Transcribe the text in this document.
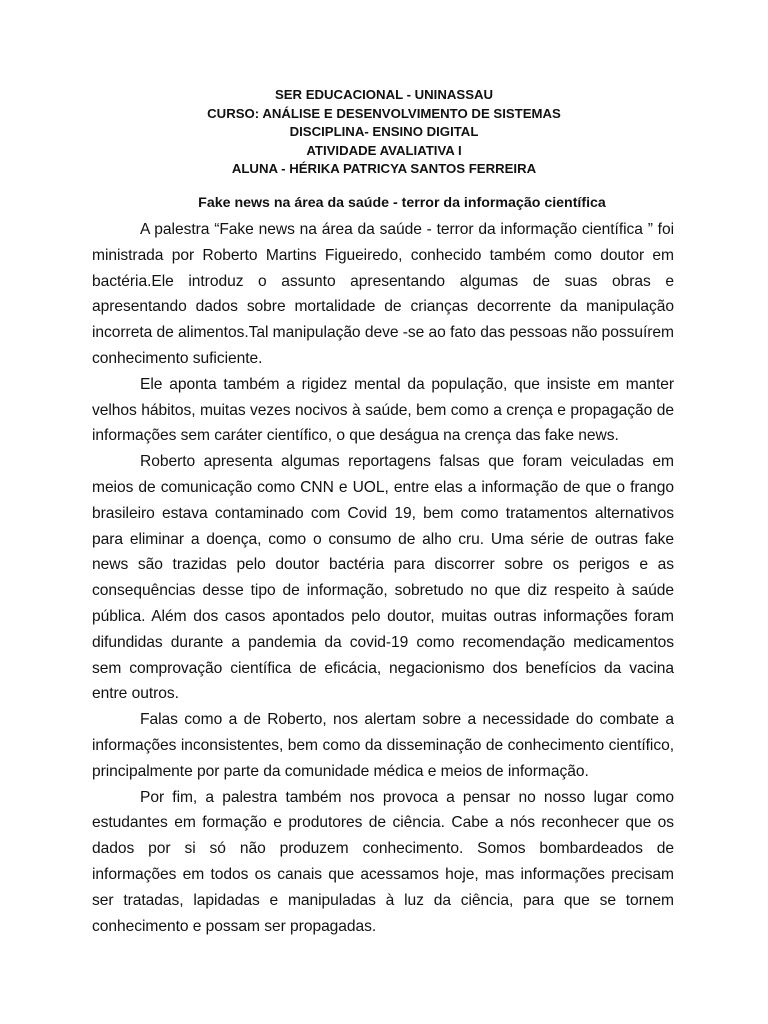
SER EDUCACIONAL - UNINASSAU
CURSO: ANÁLISE E DESENVOLVIMENTO DE SISTEMAS
DISCIPLINA- ENSINO DIGITAL
ATIVIDADE AVALIATIVA I
ALUNA - HÉRIKA PATRICYA SANTOS FERREIRA
Fake news na área da saúde - terror da informação científica

A palestra “Fake news na área da saúde - terror da informação científica ” foi ministrada por Roberto Martins Figueiredo, conhecido também como doutor em bactéria.Ele introduz o assunto apresentando algumas de suas obras e apresentando dados sobre mortalidade de crianças decorrente da manipulação incorreta de alimentos.Tal manipulação deve -se ao fato das pessoas não possuírem conhecimento suficiente.

Ele aponta também a rigidez mental da população, que insiste em manter velhos hábitos, muitas vezes nocivos à saúde, bem como a crença e propagação de informações sem caráter científico, o que deságua na crença das fake news.

Roberto apresenta algumas reportagens falsas que foram veiculadas em meios de comunicação como CNN e UOL, entre elas a informação de que o frango brasileiro estava contaminado com Covid 19, bem como tratamentos alternativos para eliminar a doença, como o consumo de alho cru. Uma série de outras fake news são trazidas pelo doutor bactéria para discorrer sobre os perigos e as consequências desse tipo de informação, sobretudo no que diz respeito à saúde pública. Além dos casos apontados pelo doutor, muitas outras informações foram difundidas durante a pandemia da covid-19 como recomendação medicamentos sem comprovação científica de eficácia, negacionismo dos benefícios da vacina entre outros.

Falas como a de Roberto, nos alertam sobre a necessidade do combate a informações inconsistentes, bem como da disseminação de conhecimento científico, principalmente por parte da comunidade médica e meios de informação.

Por fim, a palestra também nos provoca a pensar no nosso lugar como estudantes em formação e produtores de ciência. Cabe a nós reconhecer que os dados por si só não produzem conhecimento. Somos bombardeados de informações em todos os canais que acessamos hoje, mas informações precisam ser tratadas, lapidadas e manipuladas à luz da ciência, para que se tornem conhecimento e possam ser propagadas.
